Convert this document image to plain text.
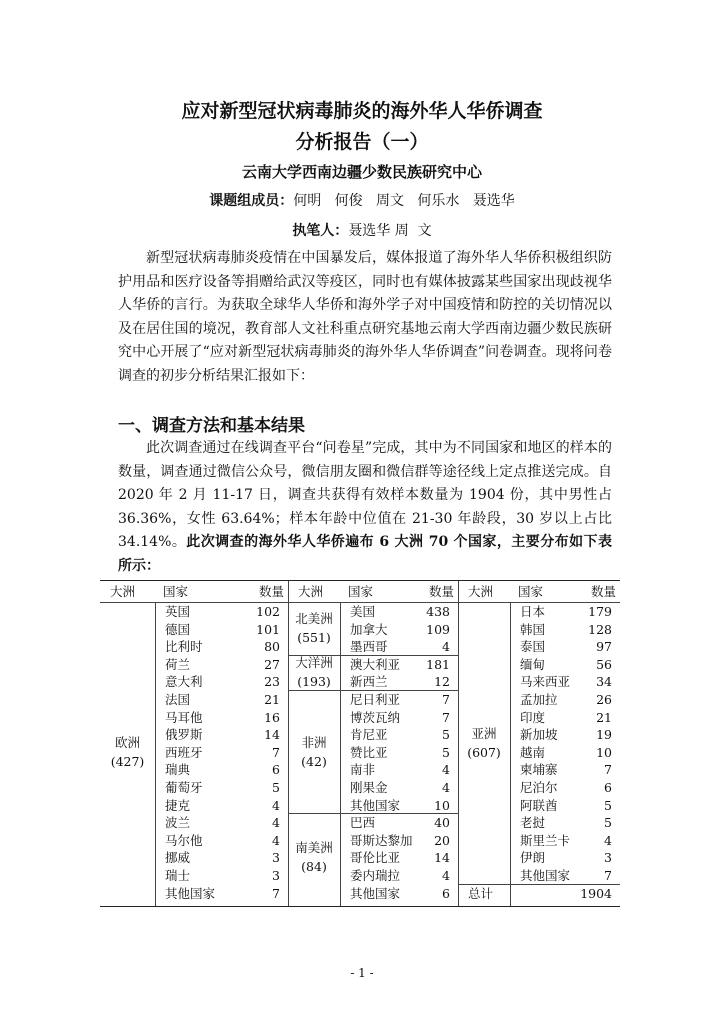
应对新型冠状病毒肺炎的海外华人华侨调查
分析报告（一）
云南大学西南边疆少数民族研究中心
课题组成员：何明   何俊   周文   何乐水   聂选华
执笔人：聂选华 周  文
新型冠状病毒肺炎疫情在中国暴发后，媒体报道了海外华人华侨积极组织防护用品和医疗设备等捐赠给武汉等疫区，同时也有媒体披露某些国家出现歧视华人华侨的言行。为获取全球华人华侨和海外学子对中国疫情和防控的关切情况以及在居住国的境况，教育部人文社科重点研究基地云南大学西南边疆少数民族研究中心开展了“应对新型冠状病毒肺炎的海外华人华侨调查”问卷调查。现将问卷调查的初步分析结果汇报如下：
一、调查方法和基本结果
此次调查通过在线调查平台“问卷星”完成，其中为不同国家和地区的样本的数量，调查通过微信公众号，微信朋友圈和微信群等途径线上定点推送完成。自 2020 年 2 月 11-17 日，调查共获得有效样本数量为 1904 份，其中男性占 36.36%，女性 63.64%；样本年龄中位值在 21-30 年龄段，30 岁以上占比 34.14%。此次调查的海外华人华侨遍布 6 大洲 70 个国家，主要分布如下表所示：
大洲	国家	数量
欧洲
(427)
英国	102
德国	101
比利时	80
荷兰	27
意大利	23
法国	21
马耳他	16
俄罗斯	14
西班牙	7
瑞典	6
葡萄牙	5
捷克	4
波兰	4
马尔他	4
挪威	3
瑞士	3
其他国家	7
大洲	国家	数量
北美洲
(551)
美国	438
加拿大	109
墨西哥	4
大洋洲
(193)
澳大利亚	181
新西兰	12
非洲
(42)
尼日利亚	7
博茨瓦纳	7
肯尼亚	5
赞比亚	5
南非	4
刚果金	4
其他国家	10
南美洲
(84)
巴西	40
哥斯达黎加	20
哥伦比亚	14
委内瑞拉	4
其他国家	6
大洲	国家	数量
亚洲
(607)
日本	179
韩国	128
泰国	97
缅甸	56
马来西亚	34
孟加拉	26
印度	21
新加坡	19
越南	10
柬埔寨	7
尼泊尔	6
阿联酋	5
老挝	5
斯里兰卡	4
伊朗	3
其他国家	7
总计	1904
- 1 -
